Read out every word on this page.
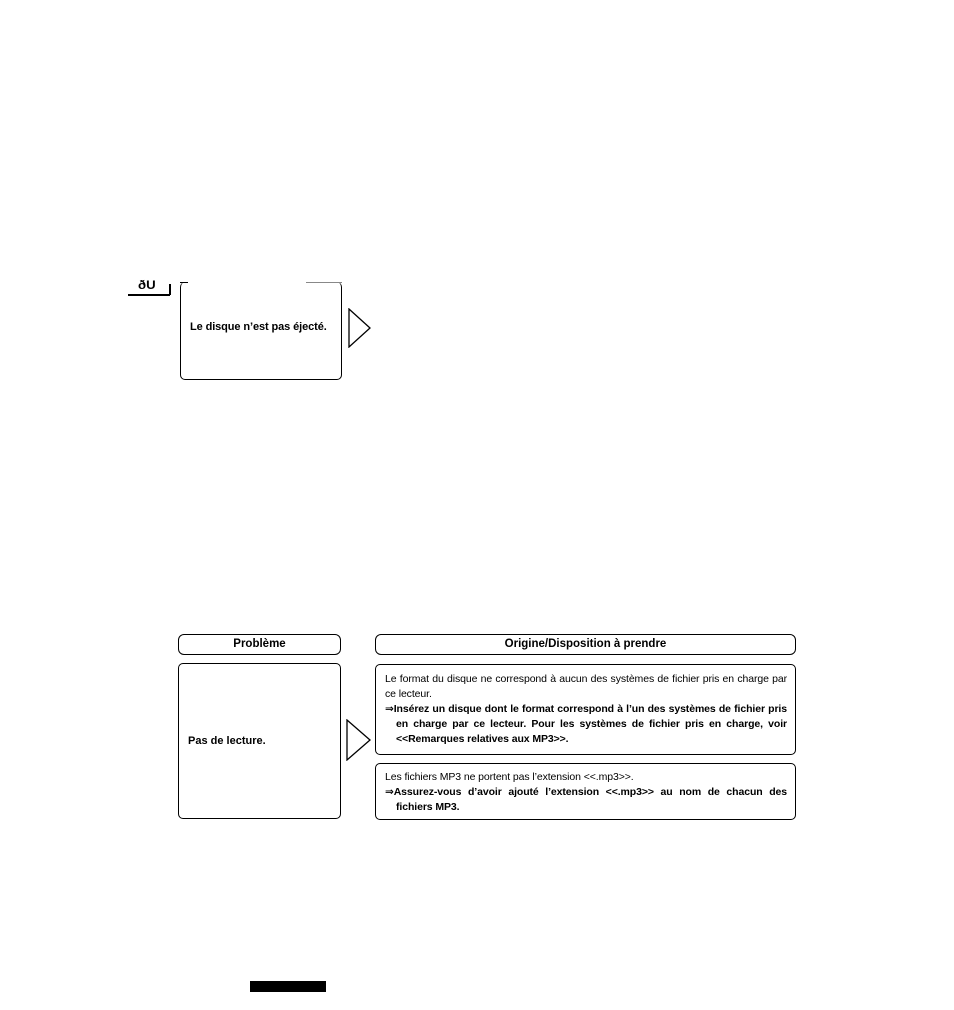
ðU
Le disque n’est pas éjecté.
Problème	Origine/Disposition à prendre
Pas de lecture.
Le format du disque ne correspond à aucun des systèmes de fichier pris en charge par ce lecteur.
⇒Insérez un disque dont le format correspond à l’un des systèmes de fichier pris en charge par ce lecteur. Pour les systèmes de fichier pris en charge, voir <<Remarques relatives aux MP3>>.
Les fichiers MP3 ne portent pas l’extension <<.mp3>>.
⇒Assurez-vous d’avoir ajouté l’extension <<.mp3>> au nom de chacun des fichiers MP3.
